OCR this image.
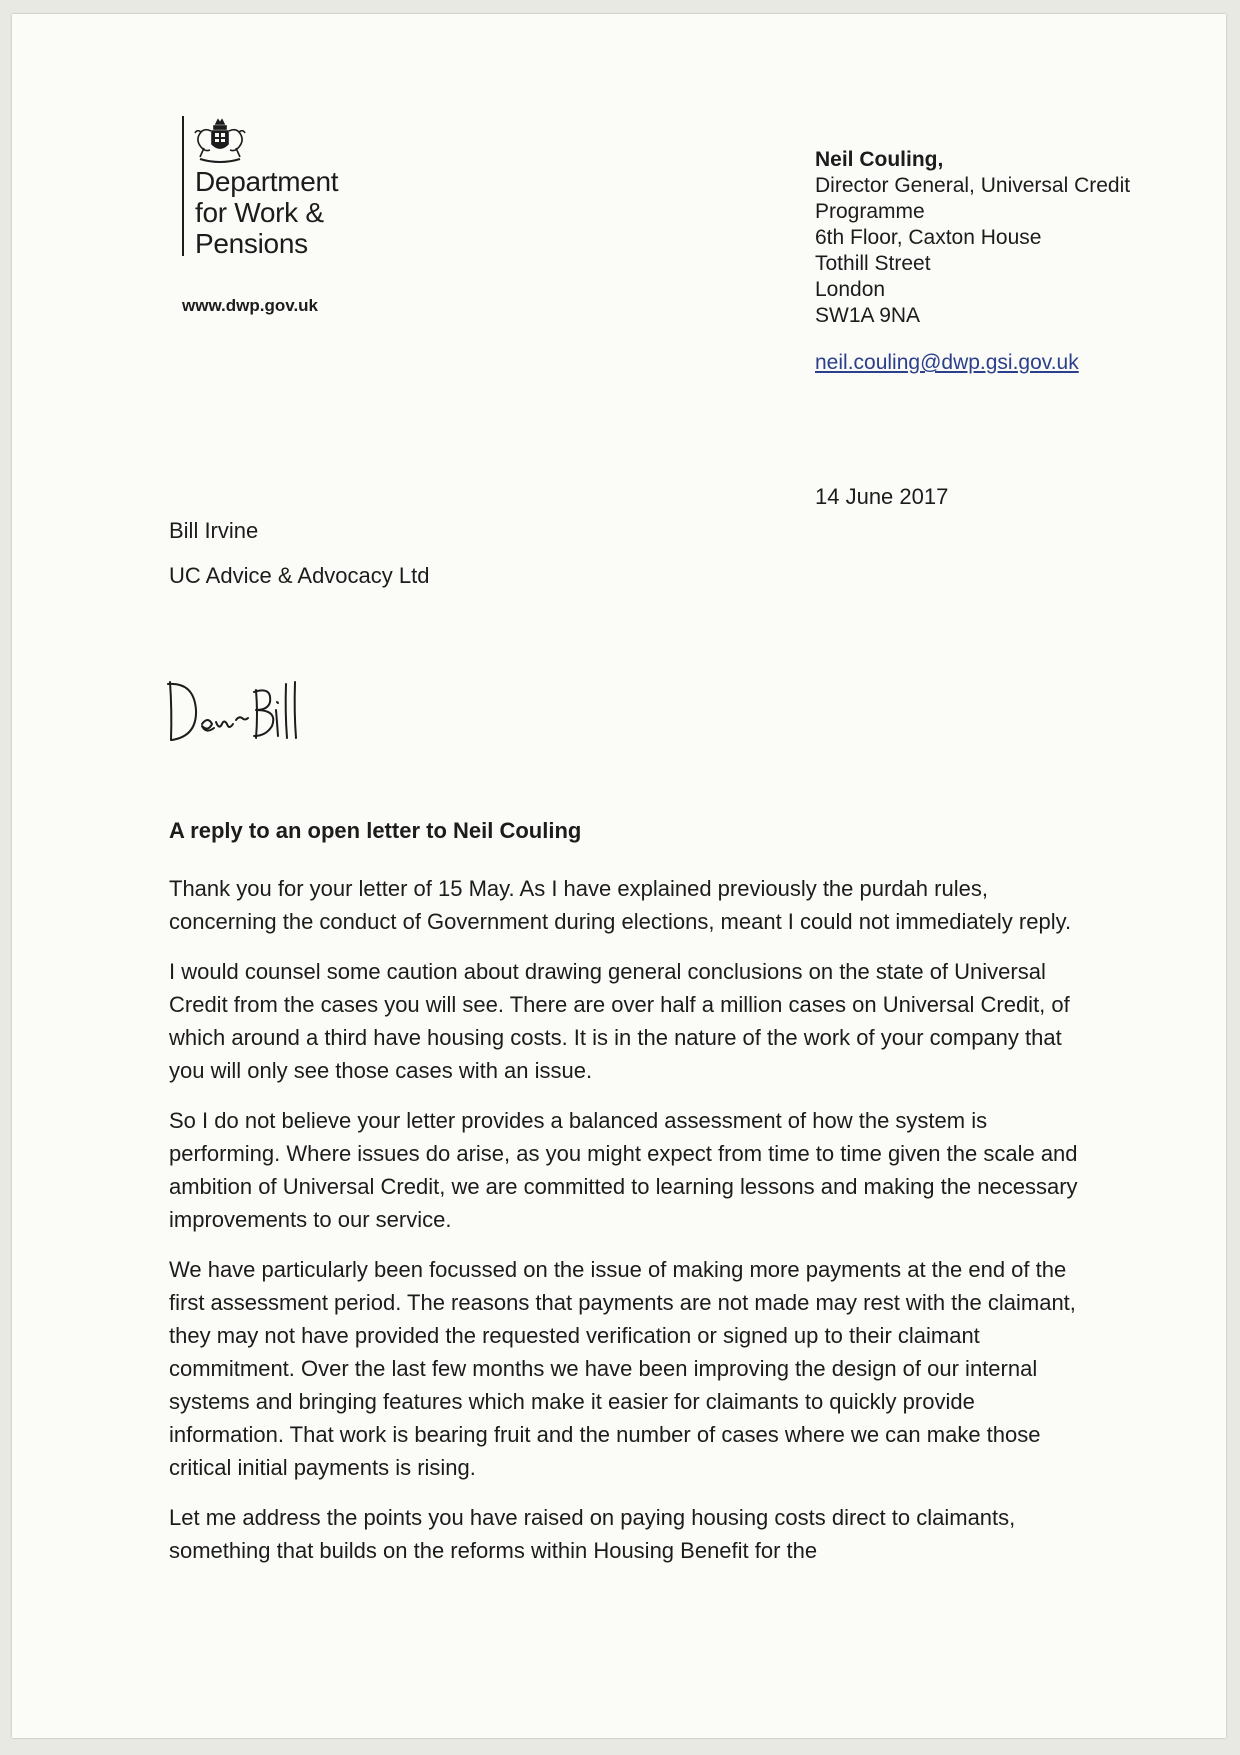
Department
for Work &
Pensions
www.dwp.gov.uk
Neil Couling,
Director General, Universal Credit
Programme
6th Floor, Caxton House
Tothill Street
London
SW1A 9NA
neil.couling@dwp.gsi.gov.uk
14 June 2017
Bill Irvine
UC Advice & Advocacy Ltd
A reply to an open letter to Neil Couling

Thank you for your letter of 15 May. As I have explained previously the purdah rules, concerning the conduct of Government during elections, meant I could not immediately reply.

I would counsel some caution about drawing general conclusions on the state of Universal Credit from the cases you will see. There are over half a million cases on Universal Credit, of which around a third have housing costs. It is in the nature of the work of your company that you will only see those cases with an issue.

So I do not believe your letter provides a balanced assessment of how the system is performing. Where issues do arise, as you might expect from time to time given the scale and ambition of Universal Credit, we are committed to learning lessons and making the necessary improvements to our service.

We have particularly been focussed on the issue of making more payments at the end of the first assessment period. The reasons that payments are not made may rest with the claimant, they may not have provided the requested verification or signed up to their claimant commitment. Over the last few months we have been improving the design of our internal systems and bringing features which make it easier for claimants to quickly provide information. That work is bearing fruit and the number of cases where we can make those critical initial payments is rising.

Let me address the points you have raised on paying housing costs direct to claimants, something that builds on the reforms within Housing Benefit for the
